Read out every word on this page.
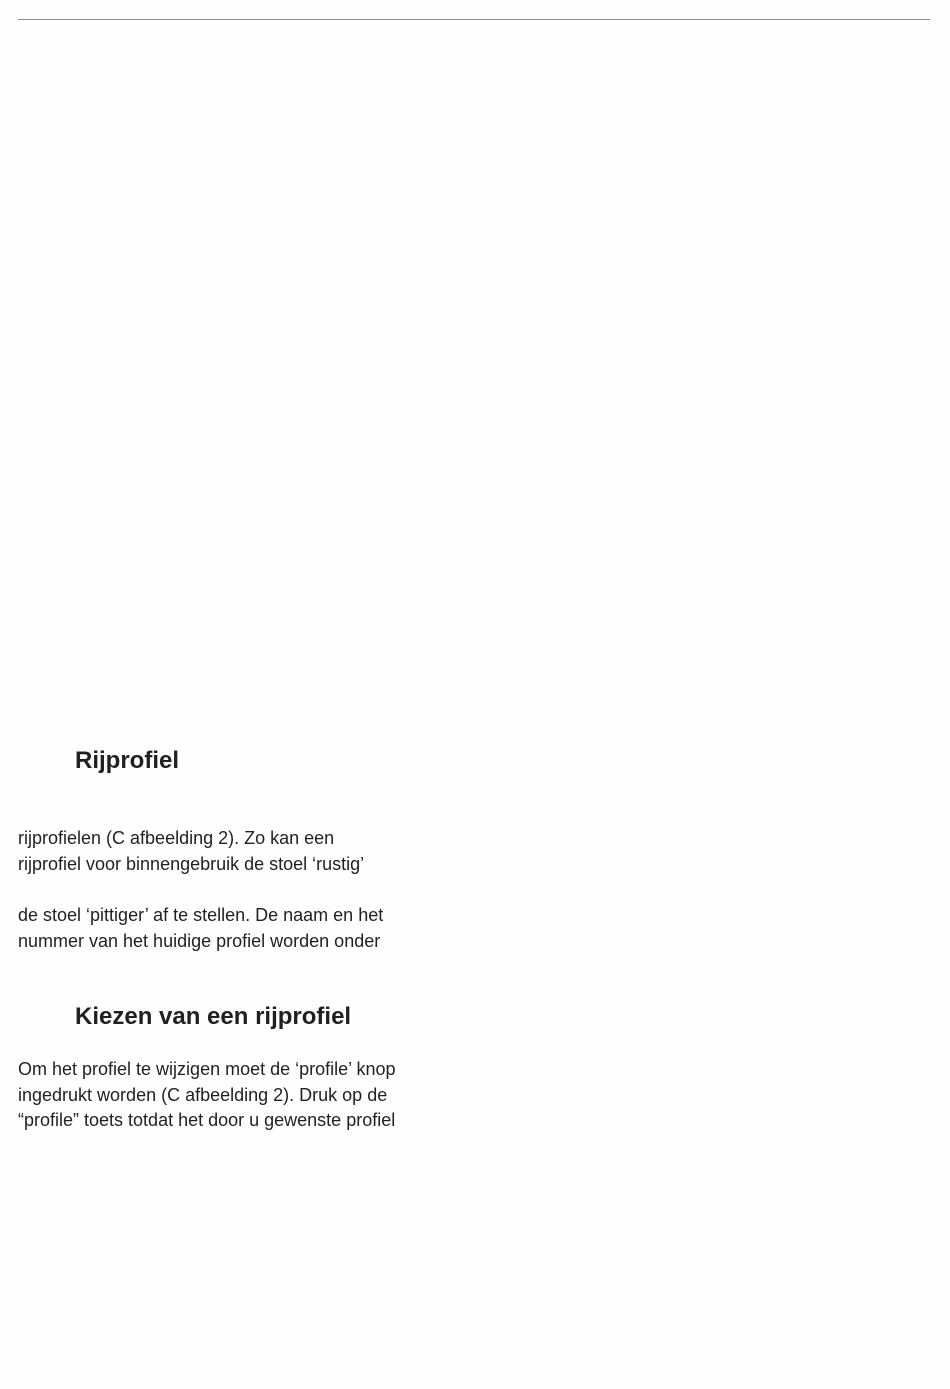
Rijprofiel

rijprofielen (C afbeelding 2). Zo kan een
rijprofiel voor binnengebruik de stoel ‘rustig’

de stoel ‘pittiger’ af te stellen. De naam en het
nummer van het huidige profiel worden onder

Kiezen van een rijprofiel

Om het profiel te wijzigen moet de ‘profile’ knop
ingedrukt worden (C afbeelding 2). Druk op de
“profile” toets totdat het door u gewenste profiel
